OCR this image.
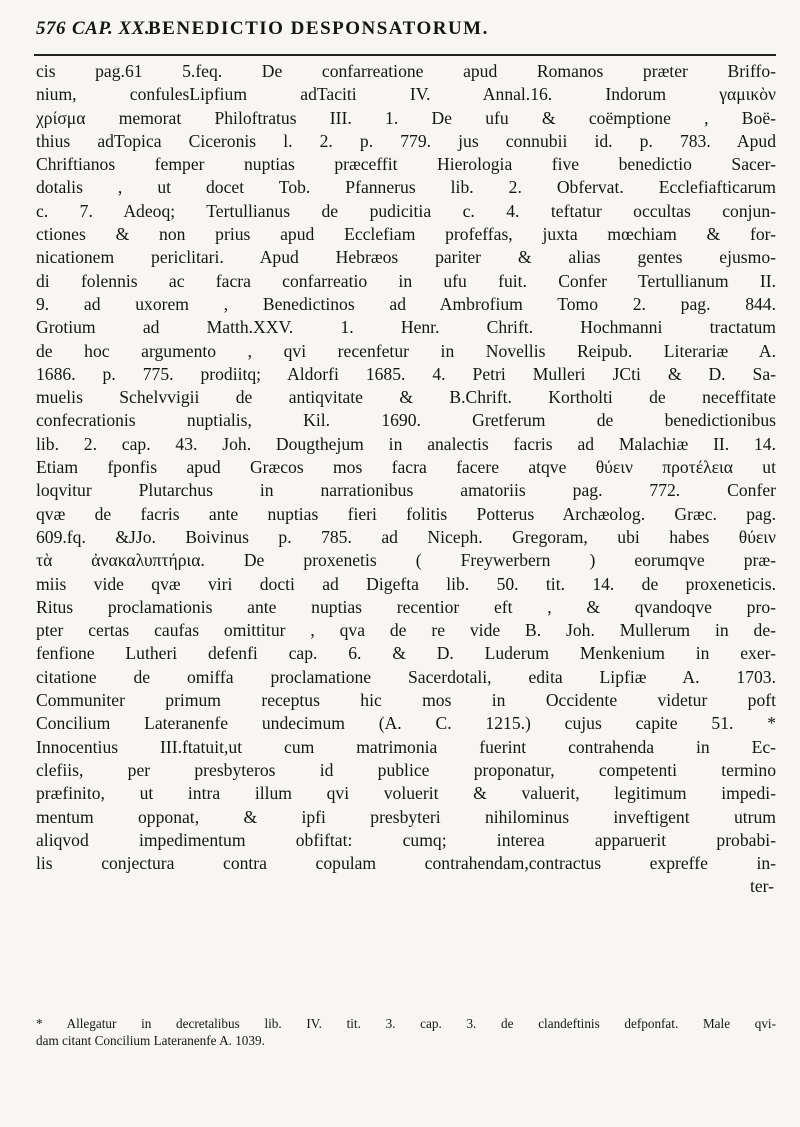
576 CAP. XX.
BENEDICTIO DESPONSATORUM.
cis pag.61 5.feq. De confarreatione apud Romanos præter Briffo-
nium, confulesLipfium adTaciti IV. Annal.16. Indorum γαμικὸν
χρίσμα memorat Philoftratus III. 1. De ufu & coëmptione , Boë-
thius adTopica Ciceronis l. 2. p. 779. jus connubii id. p. 783. Apud
Chriftianos femper nuptias præceffit Hierologia five benedictio Sacer-
dotalis , ut docet Tob. Pfannerus lib. 2. Obfervat. Ecclefiafticarum
c. 7. Adeoq; Tertullianus de pudicitia c. 4. teftatur occultas conjun-
ctiones & non prius apud Ecclefiam profeffas, juxta mœchiam & for-
nicationem periclitari. Apud Hebræos pariter & alias gentes ejusmo-
di folennis ac facra confarreatio in ufu fuit. Confer Tertullianum II.
9. ad uxorem , Benedictinos ad Ambrofium Tomo 2. pag. 844.
Grotium ad Matth.XXV. 1. Henr. Chrift. Hochmanni tractatum
de hoc argumento , qvi recenfetur in Novellis Reipub. Literariæ A.
1686. p. 775. prodiitq; Aldorfi 1685. 4. Petri Mulleri JCti & D. Sa-
muelis Schelvvigii de antiqvitate & B.Chrift. Kortholti de neceffitate
confecrationis nuptialis, Kil. 1690. Gretferum de benedictionibus
lib. 2. cap. 43. Joh. Dougthejum in analectis facris ad Malachiæ II. 14.
Etiam fponfis apud Græcos mos facra facere atqve θύειν προτέλεια ut
loqvitur Plutarchus in narrationibus amatoriis pag. 772. Confer
qvæ de facris ante nuptias fieri folitis Potterus Archæolog. Græc. pag.
609.fq. &JJo. Boivinus p. 785. ad Niceph. Gregoram, ubi habes θύειν
τὰ ἀνακαλυπτήρια. De proxenetis ( Freywerbern ) eorumqve præ-
miis vide qvæ viri docti ad Digefta lib. 50. tit. 14. de proxeneticis.
Ritus proclamationis ante nuptias recentior eft , & qvandoqve pro-
pter certas caufas omittitur , qva de re vide B. Joh. Mullerum in de-
fenfione Lutheri defenfi cap. 6. & D. Luderum Menkenium in exer-
citatione de omiffa proclamatione Sacerdotali, edita Lipfiæ A. 1703.
Communiter primum receptus hic mos in Occidente videtur poft
Concilium Lateranenfe undecimum (A. C. 1215.) cujus capite 51. *
Innocentius III.ftatuit,ut cum matrimonia fuerint contrahenda in Ec-
clefiis, per presbyteros id publice proponatur, competenti termino
præfinito, ut intra illum qvi voluerit & valuerit, legitimum impedi-
mentum opponat, & ipfi presbyteri nihilominus inveftigent utrum
aliqvod impedimentum obfiftat: cumq; interea apparuerit probabi-
lis conjectura contra copulam contrahendam,contractus expreffe in-
ter-
* Allegatur in decretalibus lib. IV. tit. 3. cap. 3. de clandeftinis defponfat. Male qvi-
dam citant Concilium Lateranenfe A. 1039.
